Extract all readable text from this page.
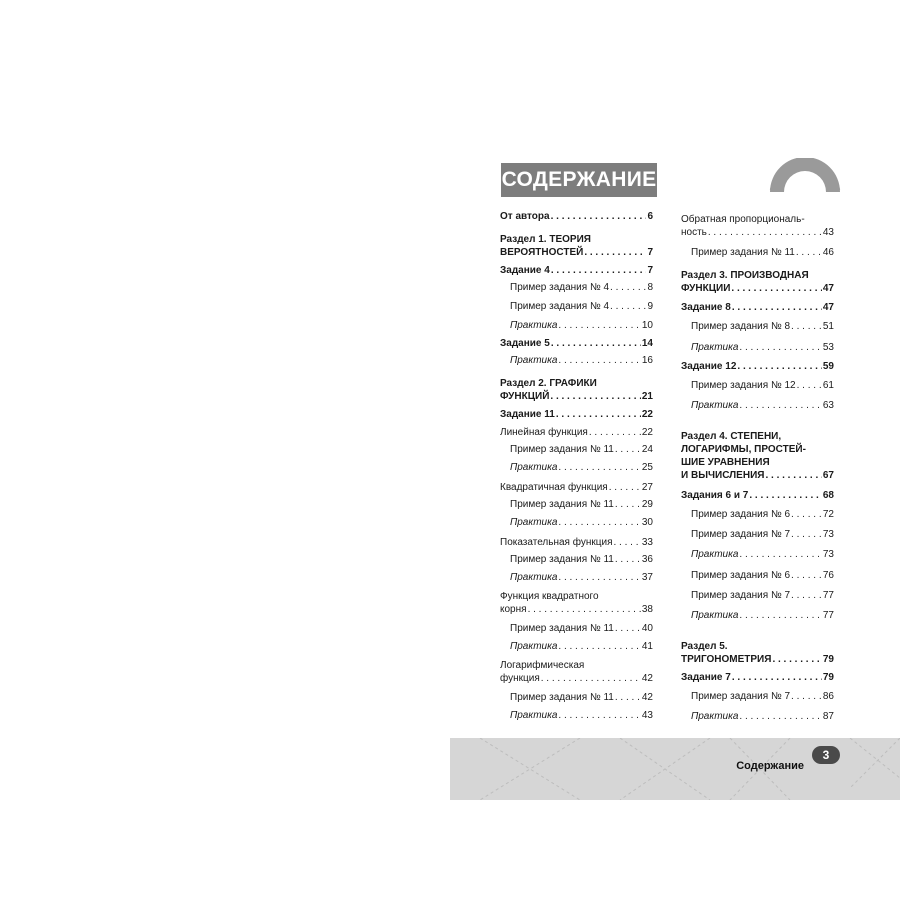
СОДЕРЖАНИЕ
От автора . . .	6
Раздел 1. ТЕОРИЯ
ВЕРОЯТНОСТЕЙ . . .	7
Задание 4 . . .	7
Пример задания № 4 . . .	8
Пример задания № 4 . . .	9
Практика . . .	10
Задание 5 . . .	14
Практика . . .	16
Раздел 2. ГРАФИКИ
ФУНКЦИЙ . . .	21
Задание 11 . . .	22
Линейная функция . . .	22
Пример задания № 11 . . .	24
Практика . . .	25
Квадратичная функция . . .	27
Пример задания № 11 . . .	29
Практика . . .	30
Показательная функция . . .	33
Пример задания № 11 . . .	36
Практика . . .	37
Функция квадратного
корня . . .	38
Пример задания № 11 . . .	40
Практика . . .	41
Логарифмическая
функция . . .	42
Пример задания № 11 . . .	42
Практика . . .	43
Обратная пропорциональ-
ность . . .	43
Пример задания № 11 . . .	46
Раздел 3. ПРОИЗВОДНАЯ
ФУНКЦИИ . . .	47
Задание 8 . . .	47
Пример задания № 8 . . .	51
Практика . . .	53
Задание 12 . . .	59
Пример задания № 12 . . .	61
Практика . . .	63
Раздел 4. СТЕПЕНИ,
ЛОГАРИФМЫ, ПРОСТЕЙ-
ШИЕ УРАВНЕНИЯ
И ВЫЧИСЛЕНИЯ . . .	67
Задания 6 и 7 . . .	68
Пример задания № 6 . . .	72
Пример задания № 7 . . .	73
Практика . . .	73
Пример задания № 6 . . .	76
Пример задания № 7 . . .	77
Практика . . .	77
Раздел 5.
ТРИГОНОМЕТРИЯ . . .	79
Задание 7 . . .	79
Пример задания № 7 . . .	86
Практика . . .	87
Содержание
3
